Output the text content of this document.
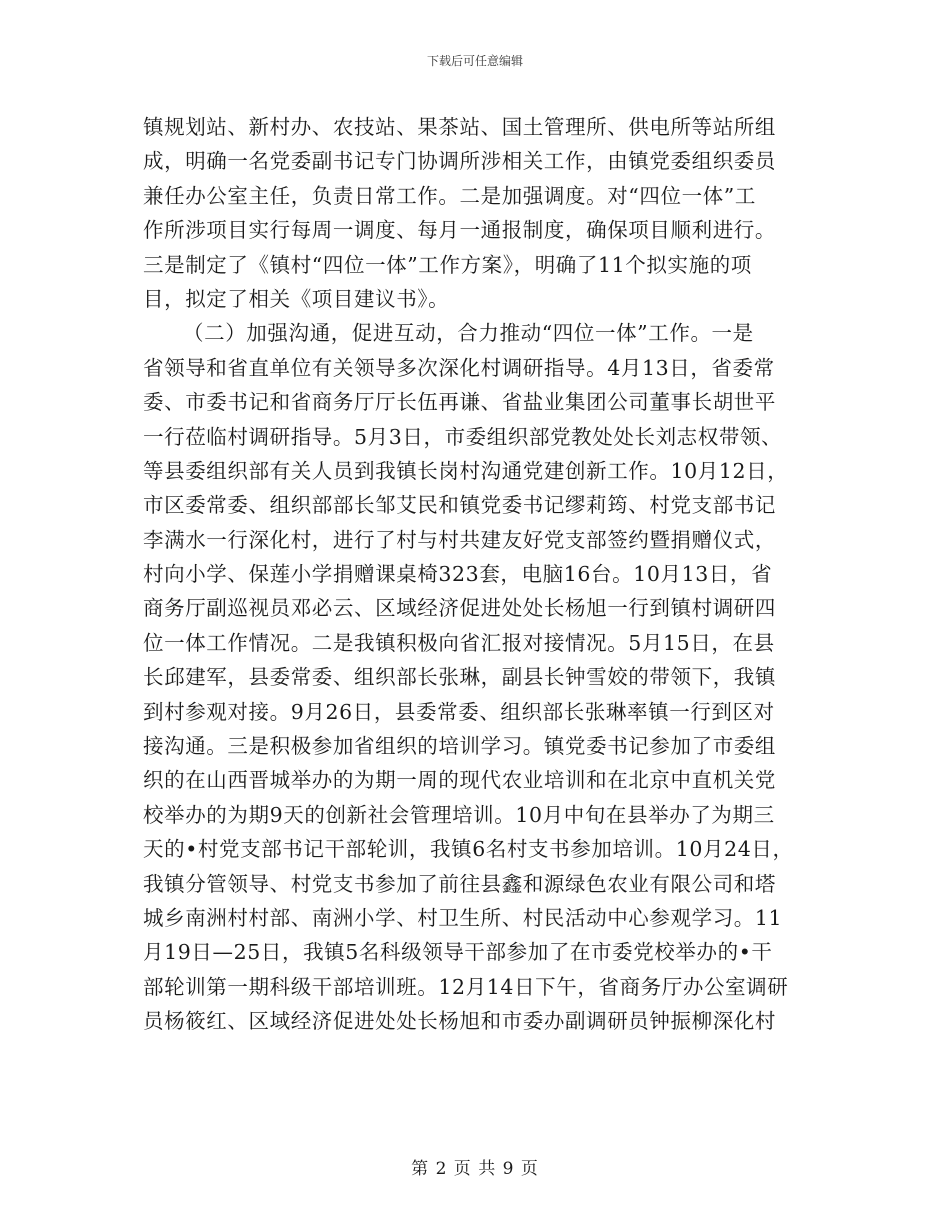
下载后可任意编辑
镇规划站、新村办、农技站、果茶站、国土管理所、供电所等站所组
成，明确一名党委副书记专门协调所涉相关工作，由镇党委组织委员
兼任办公室主任，负责日常工作。二是加强调度。对“四位一体”工
作所涉项目实行每周一调度、每月一通报制度，确保项目顺利进行。
三是制定了《镇村“四位一体”工作方案》，明确了11个拟实施的项
目，拟定了相关《项目建议书》。
（二）加强沟通，促进互动，合力推动“四位一体”工作。一是
省领导和省直单位有关领导多次深化村调研指导。4月13日，省委常
委、市委书记和省商务厅厅长伍再谦、省盐业集团公司董事长胡世平
一行莅临村调研指导。5月3日，市委组织部党教处处长刘志权带领、
等县委组织部有关人员到我镇长岗村沟通党建创新工作。10月12日，
市区委常委、组织部部长邹艾民和镇党委书记缪莉筠、村党支部书记
李满水一行深化村，进行了村与村共建友好党支部签约暨捐赠仪式，
村向小学、保莲小学捐赠课桌椅323套，电脑16台。10月13日，省
商务厅副巡视员邓必云、区域经济促进处处长杨旭一行到镇村调研四
位一体工作情况。二是我镇积极向省汇报对接情况。5月15日，在县
长邱建军，县委常委、组织部长张琳，副县长钟雪姣的带领下，我镇
到村参观对接。9月26日，县委常委、组织部长张琳率镇一行到区对
接沟通。三是积极参加省组织的培训学习。镇党委书记参加了市委组
织的在山西晋城举办的为期一周的现代农业培训和在北京中直机关党
校举办的为期9天的创新社会管理培训。10月中旬在县举办了为期三
天的•村党支部书记干部轮训，我镇6名村支书参加培训。10月24日，
我镇分管领导、村党支书参加了前往县鑫和源绿色农业有限公司和塔
城乡南洲村村部、南洲小学、村卫生所、村民活动中心参观学习。11
月19日—25日，我镇5名科级领导干部参加了在市委党校举办的•干
部轮训第一期科级干部培训班。12月14日下午，省商务厅办公室调研
员杨筱红、区域经济促进处处长杨旭和市委办副调研员钟振柳深化村
第 2 页 共 9 页
